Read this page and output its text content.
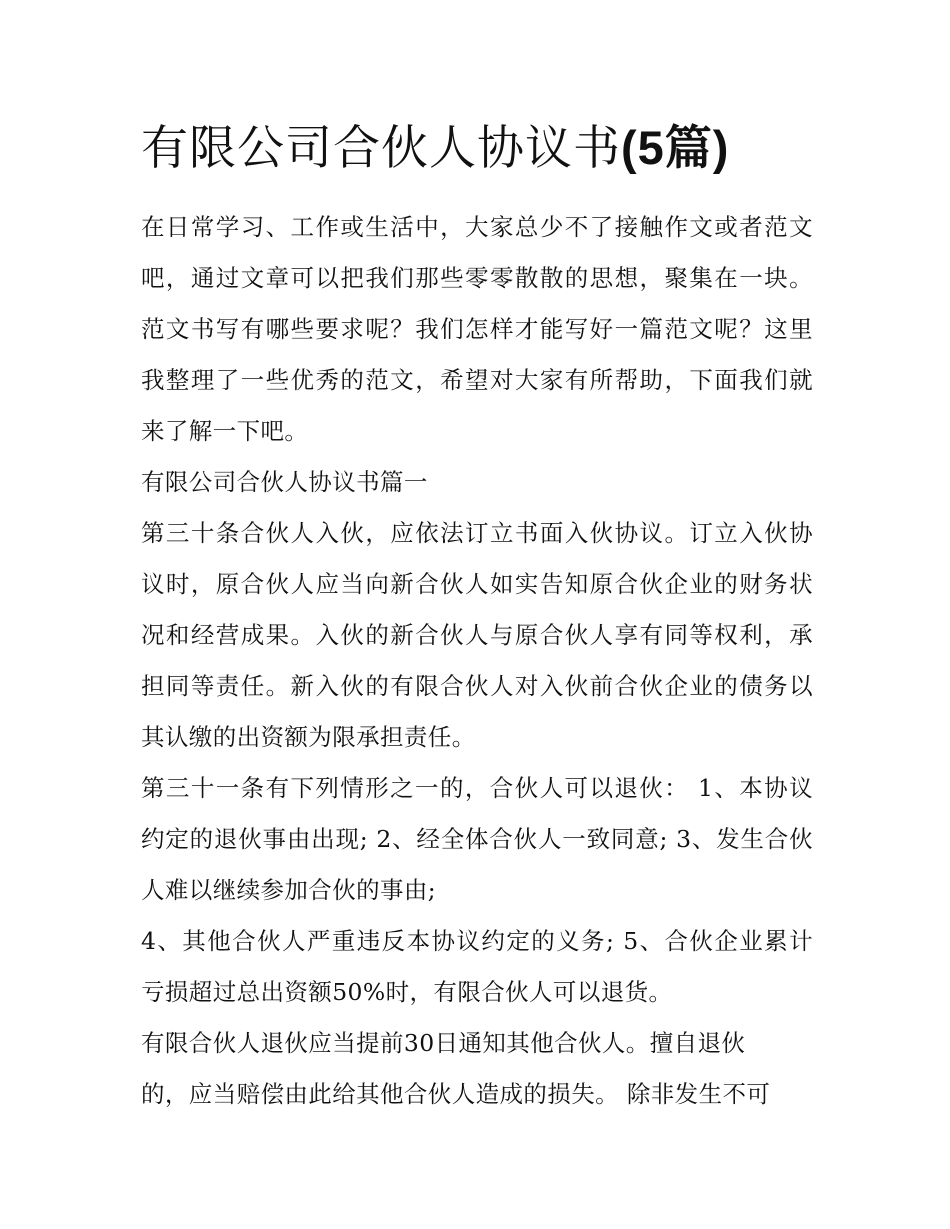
有限公司合伙人协议书(5篇)
在日常学习、工作或生活中，大家总少不了接触作文或者范文
吧，通过文章可以把我们那些零零散散的思想，聚集在一块。
范文书写有哪些要求呢？我们怎样才能写好一篇范文呢？这里
我整理了一些优秀的范文，希望对大家有所帮助，下面我们就
来了解一下吧。
有限公司合伙人协议书篇一
第三十条合伙人入伙，应依法订立书面入伙协议。订立入伙协
议时，原合伙人应当向新合伙人如实告知原合伙企业的财务状
况和经营成果。入伙的新合伙人与原合伙人享有同等权利，承
担同等责任。新入伙的有限合伙人对入伙前合伙企业的债务以
其认缴的出资额为限承担责任。
第三十一条有下列情形之一的，合伙人可以退伙： 1、本协议
约定的退伙事由出现; 2、经全体合伙人一致同意; 3、发生合伙
人难以继续参加合伙的事由;
4、其他合伙人严重违反本协议约定的义务; 5、合伙企业累计
亏损超过总出资额50%时，有限合伙人可以退货。
有限合伙人退伙应当提前30日通知其他合伙人。擅自退伙
的，应当赔偿由此给其他合伙人造成的损失。 除非发生不可
